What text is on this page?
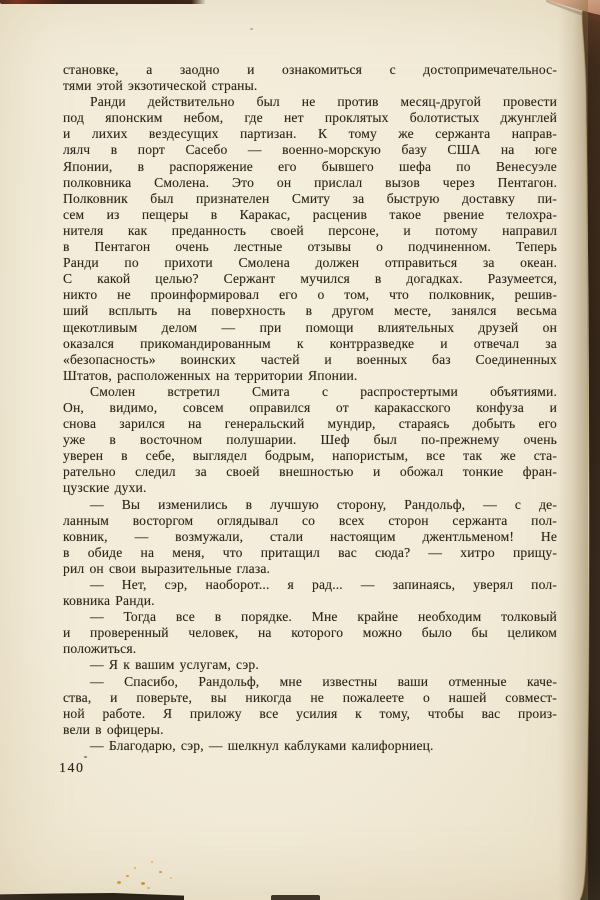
становке, а заодно и ознакомиться с достопримечательнос-
тями этой экзотической страны.
Ранди действительно был не против месяц-другой провести
под японским небом, где нет проклятых болотистых джунглей
и лихих вездесущих партизан. К тому же сержанта направ-
лялч в порт Сасебо — военно-морскую базу США на юге
Японии, в распоряжение его бывшего шефа по Венесуэле
полковника Смолена. Это он прислал вызов через Пентагон.
Полковник был признателен Смиту за быструю доставку пи-
сем из пещеры в Каракас, расценив такое рвение телохра-
нителя как преданность своей персоне, и потому направил
в Пентагон очень лестные отзывы о подчиненном. Теперь
Ранди по прихоти Смолена должен отправиться за океан.
С какой целью? Сержант мучился в догадках. Разумеется,
никто не проинформировал его о том, что полковник, решив-
ший всплыть на поверхность в другом месте, занялся весьма
щекотливым делом — при помощи влиятельных друзей он
оказался прикомандированным к контрразведке и отвечал за
«безопасность» воинских частей и военных баз Соединенных
Штатов, расположенных на территории Японии.
Смолен встретил Смита с распростертыми объятиями.
Он, видимо, совсем оправился от каракасского конфуза и
снова зарился на генеральский мундир, стараясь добыть его
уже в восточном полушарии. Шеф был по-прежнему очень
уверен в себе, выглядел бодрым, напористым, все так же ста-
рательно следил за своей внешностью и обожал тонкие фран-
цузские духи.
— Вы изменились в лучшую сторону, Рандольф, — с де-
ланным восторгом оглядывал со всех сторон сержанта пол-
ковник, — возмужали, стали настоящим джентльменом! Не
в обиде на меня, что притащил вас сюда? — хитро прищу-
рил он свои выразительные глаза.
— Нет, сэр, наоборот... я рад... — запинаясь, уверял пол-
ковника Ранди.
— Тогда все в порядке. Мне крайне необходим толковый
и проверенный человек, на которого можно было бы целиком
положиться.
— Я к вашим услугам, сэр.
— Спасибо, Рандольф, мне известны ваши отменные каче-
ства, и поверьте, вы никогда не пожалеете о нашей совмест-
ной работе. Я приложу все усилия к тому, чтобы вас произ-
вели в офицеры.
— Благодарю, сэр, — шелкнул каблуками калифорниец.
140
